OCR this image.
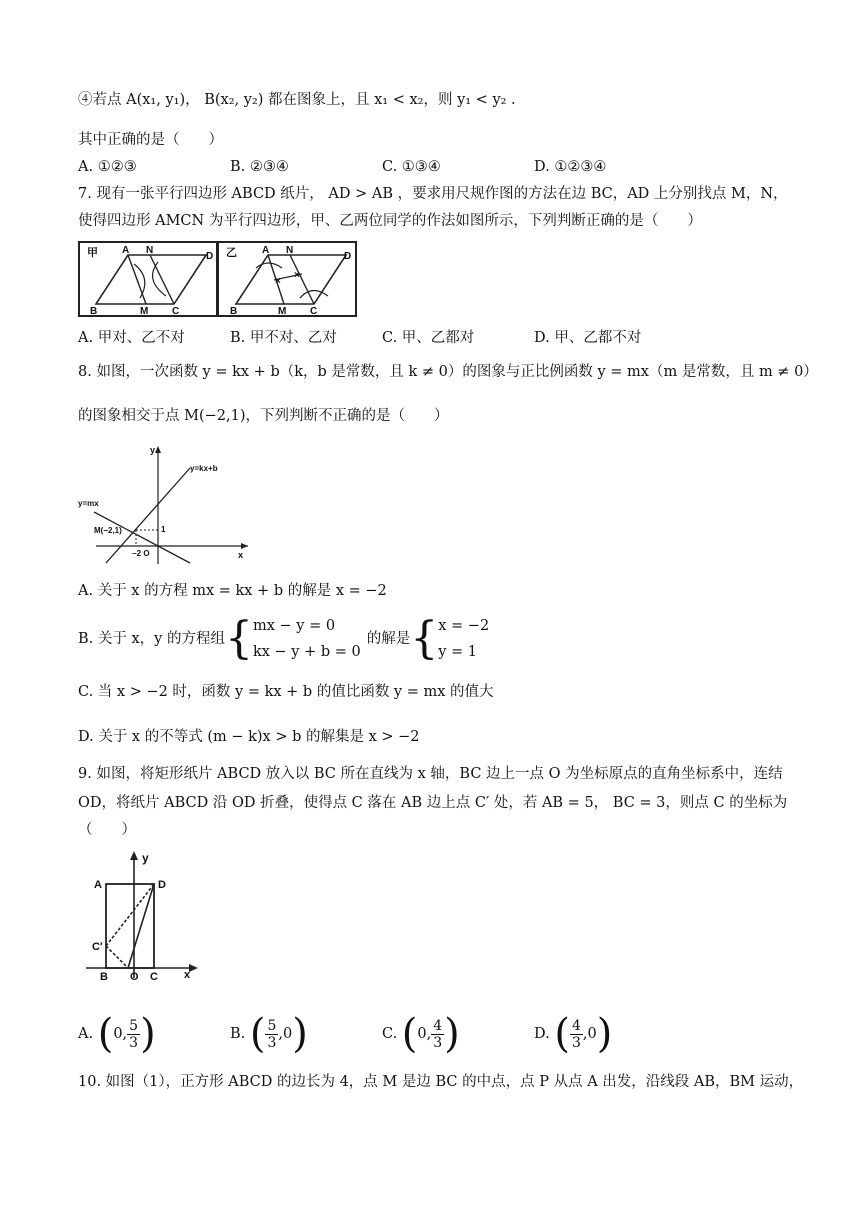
④若点 A(x₁, y₁)， B(x₂, y₂) 都在图象上，且 x₁ < x₂，则 y₁ < y₂ .
其中正确的是（　　）
A. ①②③	B. ②③④	C. ①③④	D. ①②③④
7. 现有一张平行四边形 ABCD 纸片， AD > AB ，要求用尺规作图的方法在边 BC，AD 上分别找点 M，N，
使得四边形 AMCN 为平行四边形，甲、乙两位同学的作法如图所示，下列判断正确的是（　　）
甲 A N
D
B	M C
×
×
乙	A N
D
B	M C
A. 甲对、乙不对	B. 甲不对、乙对	C. 甲、乙都对	D. 甲、乙都不对
8. 如图，一次函数 y = kx + b（k，b 是常数，且 k ≠ 0）的图象与正比例函数 y = mx（m 是常数，且 m ≠ 0）
的图象相交于点 M(−2,1)，下列判断不正确的是（　　）
y
x
y=kx+b
y=mx
M(−2,1)	1
−2 O
A. 关于 x 的方程 mx = kx + b 的解是 x = −2
B. 关于 x，y 的方程组{mx − y = 0
kx − y + b = 0的解是{x = −2
y = 1
C. 当 x > −2 时，函数 y = kx + b 的值比函数 y = mx 的值大
D. 关于 x 的不等式 (m − k)x > b 的解集是 x > −2
9. 如图，将矩形纸片 ABCD 放入以 BC 所在直线为 x 轴，BC 边上一点 O 为坐标原点的直角坐标系中，连结
OD，将纸片 ABCD 沿 OD 折叠，使得点 C 落在 AB 边上点 C′ 处，若 AB = 5， BC = 3，则点 C 的坐标为
（　　）
y
A	D
C′
B O C x
A. (0, $\frac{5}{3}$ )	B. ( $\frac{5}{3} ,0$)	C. (0, $\frac{4}{3}$ )	D. ( $\frac{4}{3} ,0$)
10. 如图（1），正方形 ABCD 的边长为 4，点 M 是边 BC 的中点，点 P 从点 A 出发，沿线段 AB，BM 运动，
